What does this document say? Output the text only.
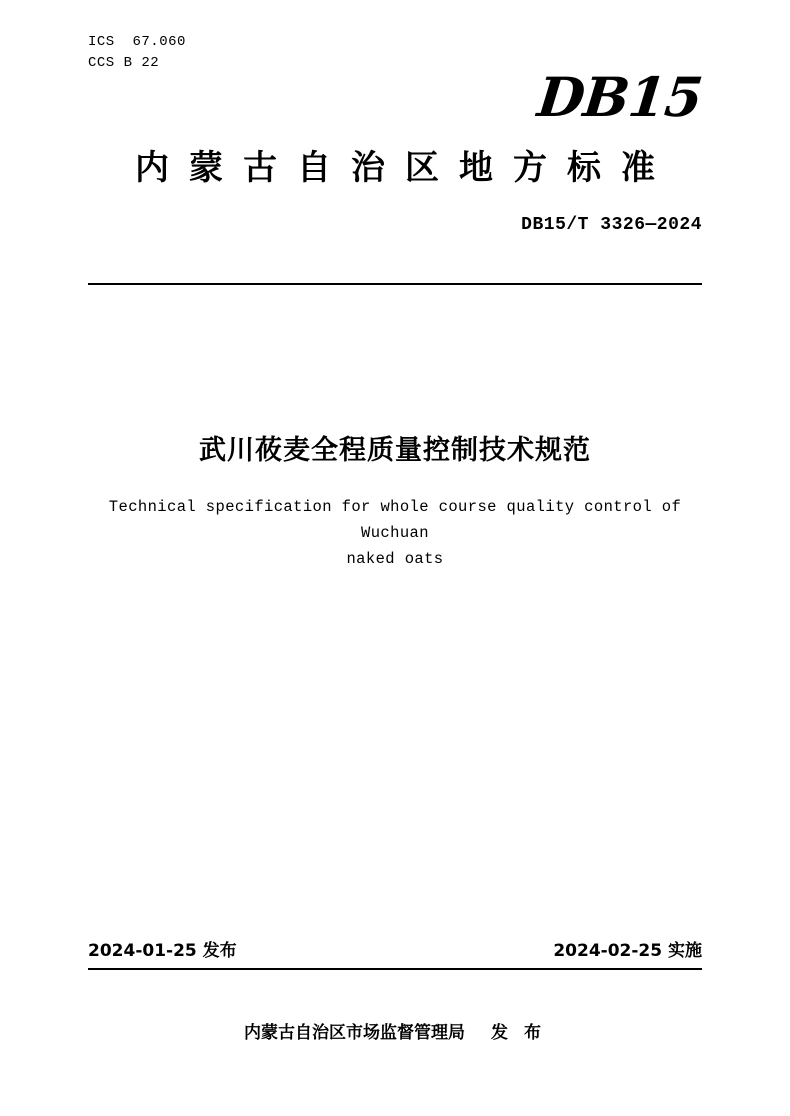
ICS  67.060
CCS B 22
DB15
内蒙古自治区地方标准
DB15/T 3326—2024
武川莜麦全程质量控制技术规范
Technical specification for whole course quality control of Wuchuan
naked oats
2024-01-25 发布	2024-02-25 实施
内蒙古自治区市场监督管理局 发 布
